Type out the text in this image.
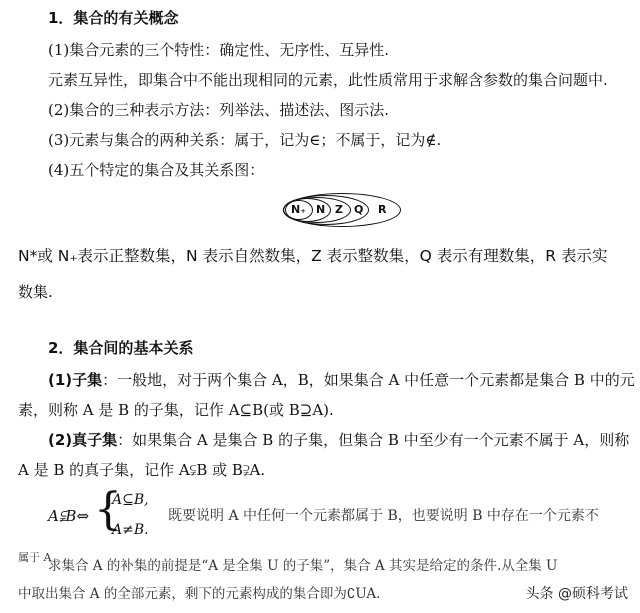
1．集合的有关概念
(1)集合元素的三个特性：确定性、无序性、互异性.
元素互异性，即集合中不能出现相同的元素，此性质常用于求解含参数的集合问题中.
(2)集合的三种表示方法：列举法、描述法、图示法.
(3)元素与集合的两种关系：属于，记为∈；不属于，记为∉.
(4)五个特定的集合及其关系图：
N₊ N Z Q R
N*或 N₊表示正整数集，N 表示自然数集，Z 表示整数集，Q 表示有理数集，R 表示实
数集.
2．集合间的基本关系
(1)子集：一般地，对于两个集合 A，B，如果集合 A 中任意一个元素都是集合 B 中的元
素，则称 A 是 B 的子集，记作 A⊆B(或 B⊇A).
(2)真子集：如果集合 A 是集合 B 的子集，但集合 B 中至少有一个元素不属于 A，则称
A 是 B 的真子集，记作 A⫋B 或 B⫌A.
A⫋B⇔ {
A⊆B,
A≠B.
既要说明 A 中任何一个元素都属于 B，也要说明 B 中存在一个元素不
属于 A
求集合 A 的补集的前提是“A 是全集 U 的子集”，集合 A 其实是给定的条件.从全集 U
中取出集合 A 的全部元素，剩下的元素构成的集合即为∁UA.	头条 @硕科考试
